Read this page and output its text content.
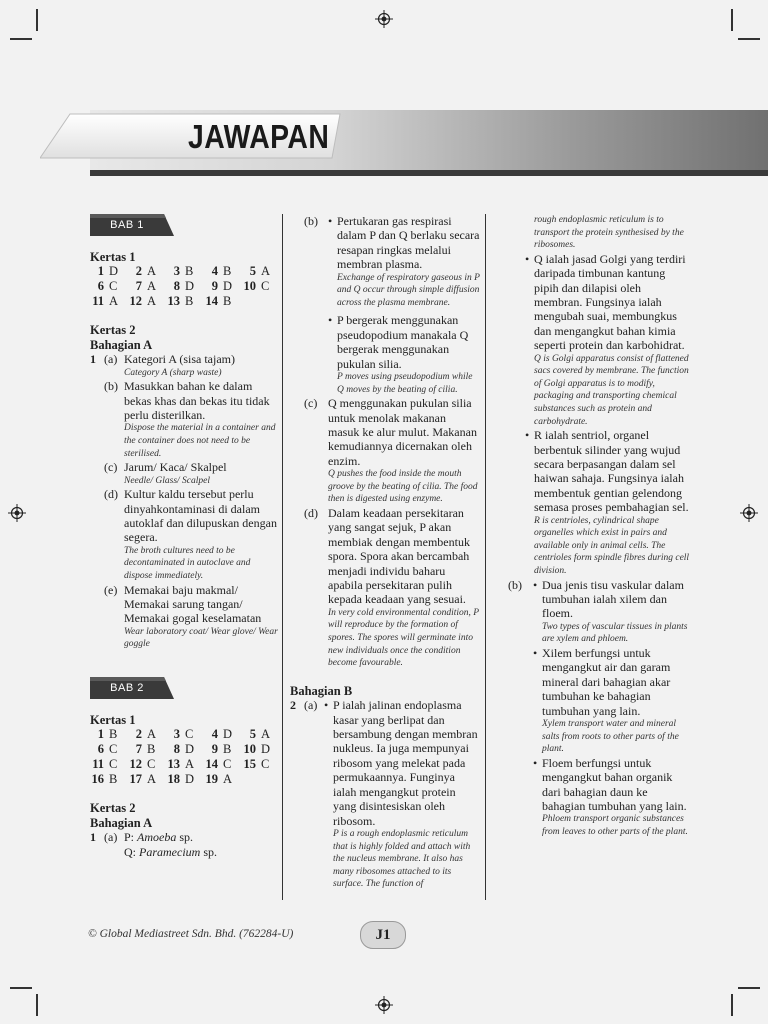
JAWAPAN
BAB 1
Kertas 1
1 D	2 A	3 B	4 B	5 A
6 C	7 A	8 D	9 D 10 C
11 A 12 A 13 B 14 B
Kertas 2
Bahagian A
1 (a) Kategori A (sisa tajam)
Category A (sharp waste)
(b) Masukkan bahan ke dalam bekas khas dan bekas itu tidak perlu disterilkan.
Dispose the material in a container and the container does not need to be sterilised.
(c) Jarum/ Kaca/ Skalpel
Needle/ Glass/ Scalpel
(d) Kultur kaldu tersebut perlu dinyahkontaminasi di dalam autoklaf dan dilupuskan dengan segera.
The broth cultures need to be decontaminated in autoclave and dispose immediately.
(e) Memakai baju makmal/ Memakai sarung tangan/ Memakai gogal keselamatan
Wear laboratory coat/ Wear glove/ Wear goggle
BAB 2
Kertas 1
1 B	2 A	3 C	4 D	5 A
6 C	7 B	8 D	9 B 10 D
11 C 12 C 13 A 14 C 15 C
16 B 17 A 18 D 19 A
Kertas 2
Bahagian A
1 (a) P: Amoeba sp.
Q: Paramecium sp.
(b)	• Pertukaran gas respirasi dalam P dan Q berlaku secara resapan ringkas melalui membran plasma.
Exchange of respiratory gaseous in P and Q occur through simple diffusion across the plasma membrane.
• P bergerak menggunakan pseudopodium manakala Q bergerak menggunakan pukulan silia.
P moves using pseudopodium while Q moves by the beating of cilia.
(c) Q menggunakan pukulan silia untuk menolak makanan masuk ke alur mulut. Makanan kemudiannya dicernakan oleh enzim.
Q pushes the food inside the mouth groove by the beating of cilia. The food then is digested using enzyme.
(d) Dalam keadaan persekitaran yang sangat sejuk, P akan membiak dengan membentuk spora. Spora akan bercambah menjadi individu baharu apabila persekitaran pulih kepada keadaan yang sesuai.
In very cold environmental condition, P will reproduce by the formation of spores. The spores will germinate into new individuals once the condition become favourable.
Bahagian B
2 (a)	• P ialah jalinan endoplasma kasar yang berlipat dan bersambung dengan membran nukleus. Ia juga mempunyai ribosom yang melekat pada permukaannya. Funginya ialah mengangkut protein yang disintesiskan oleh ribosom.
P is a rough endoplasmic reticulum that is highly folded and attach with the nucleus membrane. It also has many ribosomes attached to its surface. The function of
rough endoplasmic reticulum is to transport the protein synthesised by the ribosomes.
• Q ialah jasad Golgi yang terdiri daripada timbunan kantung pipih dan dilapisi oleh membran. Fungsinya ialah mengubah suai, membungkus dan mengangkut bahan kimia seperti protein dan karbohidrat.
Q is Golgi apparatus consist of flattened sacs covered by membrane. The function of Golgi apparatus is to modify, packaging and transporting chemical substances such as protein and carbohydrate.
• R ialah sentriol, organel berbentuk silinder yang wujud secara berpasangan dalam sel haiwan sahaja. Fungsinya ialah membentuk gentian gelendong semasa proses pembahagian sel.
R is centrioles, cylindrical shape organelles which exist in pairs and available only in animal cells. The centrioles form spindle fibres during cell division.
(b)	• Dua jenis tisu vaskular dalam tumbuhan ialah xilem dan floem.
Two types of vascular tissues in plants are xylem and phloem.
• Xilem berfungsi untuk mengangkut air dan garam mineral dari bahagian akar tumbuhan ke bahagian tumbuhan yang lain.
Xylem transport water and mineral salts from roots to other parts of the plant.
• Floem berfungsi untuk mengangkut bahan organik dari bahagian daun ke bahagian tumbuhan yang lain.
Phloem transport organic substances from leaves to other parts of the plant.
© Global Mediastreet Sdn. Bhd. (762284-U)	J1
